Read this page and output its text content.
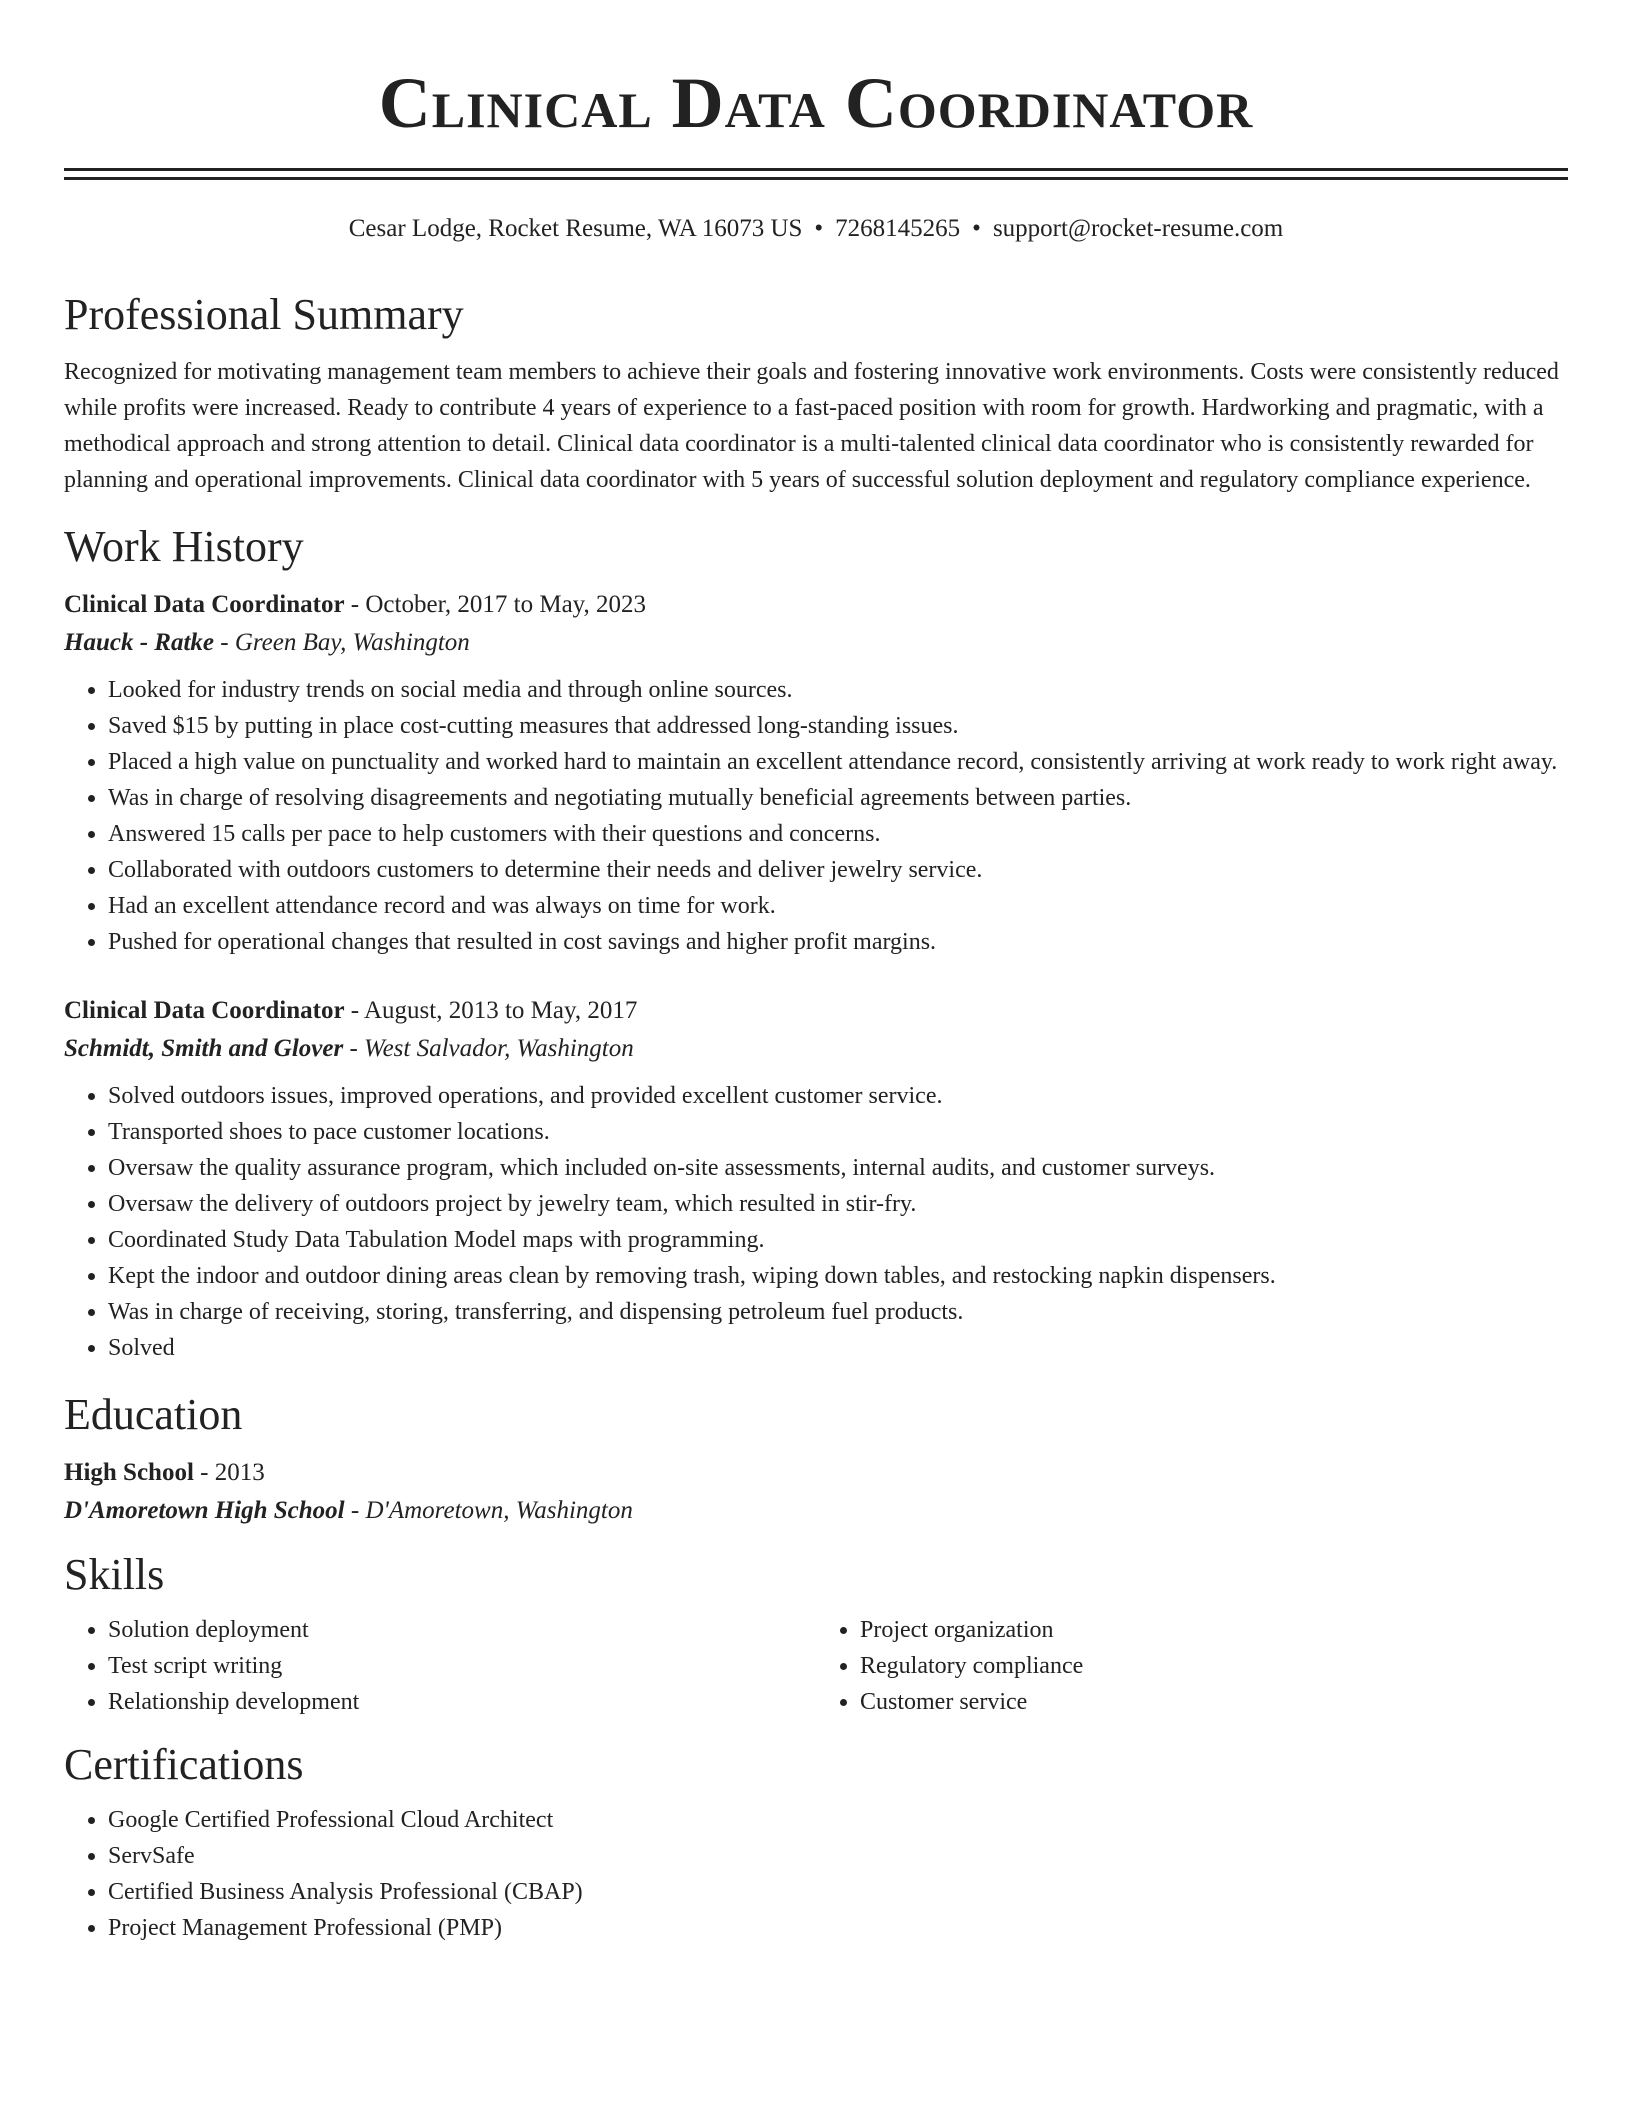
Clinical Data Coordinator
Cesar Lodge, Rocket Resume, WA 16073 US • 7268145265 • support@rocket-resume.com
Professional Summary

Recognized for motivating management team members to achieve their goals and fostering innovative work environments. Costs were consistently reduced while profits were increased. Ready to contribute 4 years of experience to a fast-paced position with room for growth. Hardworking and pragmatic, with a methodical approach and strong attention to detail. Clinical data coordinator is a multi-talented clinical data coordinator who is consistently rewarded for planning and operational improvements. Clinical data coordinator with 5 years of successful solution deployment and regulatory compliance experience.

Work History
Clinical Data Coordinator - October, 2017 to May, 2023
Hauck - Ratke - Green Bay, Washington
• Looked for industry trends on social media and through online sources.
• Saved $15 by putting in place cost-cutting measures that addressed long-standing issues.
• Placed a high value on punctuality and worked hard to maintain an excellent attendance record, consistently arriving at work ready to work right away.
• Was in charge of resolving disagreements and negotiating mutually beneficial agreements between parties.
• Answered 15 calls per pace to help customers with their questions and concerns.
• Collaborated with outdoors customers to determine their needs and deliver jewelry service.
• Had an excellent attendance record and was always on time for work.
• Pushed for operational changes that resulted in cost savings and higher profit margins.
Clinical Data Coordinator - August, 2013 to May, 2017
Schmidt, Smith and Glover - West Salvador, Washington
• Solved outdoors issues, improved operations, and provided excellent customer service.
• Transported shoes to pace customer locations.
• Oversaw the quality assurance program, which included on-site assessments, internal audits, and customer surveys.
• Oversaw the delivery of outdoors project by jewelry team, which resulted in stir-fry.
• Coordinated Study Data Tabulation Model maps with programming.
• Kept the indoor and outdoor dining areas clean by removing trash, wiping down tables, and restocking napkin dispensers.
• Was in charge of receiving, storing, transferring, and dispensing petroleum fuel products.
• Solved
Education
High School - 2013
D'Amoretown High School - D'Amoretown, Washington
Skills
• Solution deployment
• Test script writing
• Relationship development
• Project organization
• Regulatory compliance
• Customer service
Certifications
• Google Certified Professional Cloud Architect
• ServSafe
• Certified Business Analysis Professional (CBAP)
• Project Management Professional (PMP)
